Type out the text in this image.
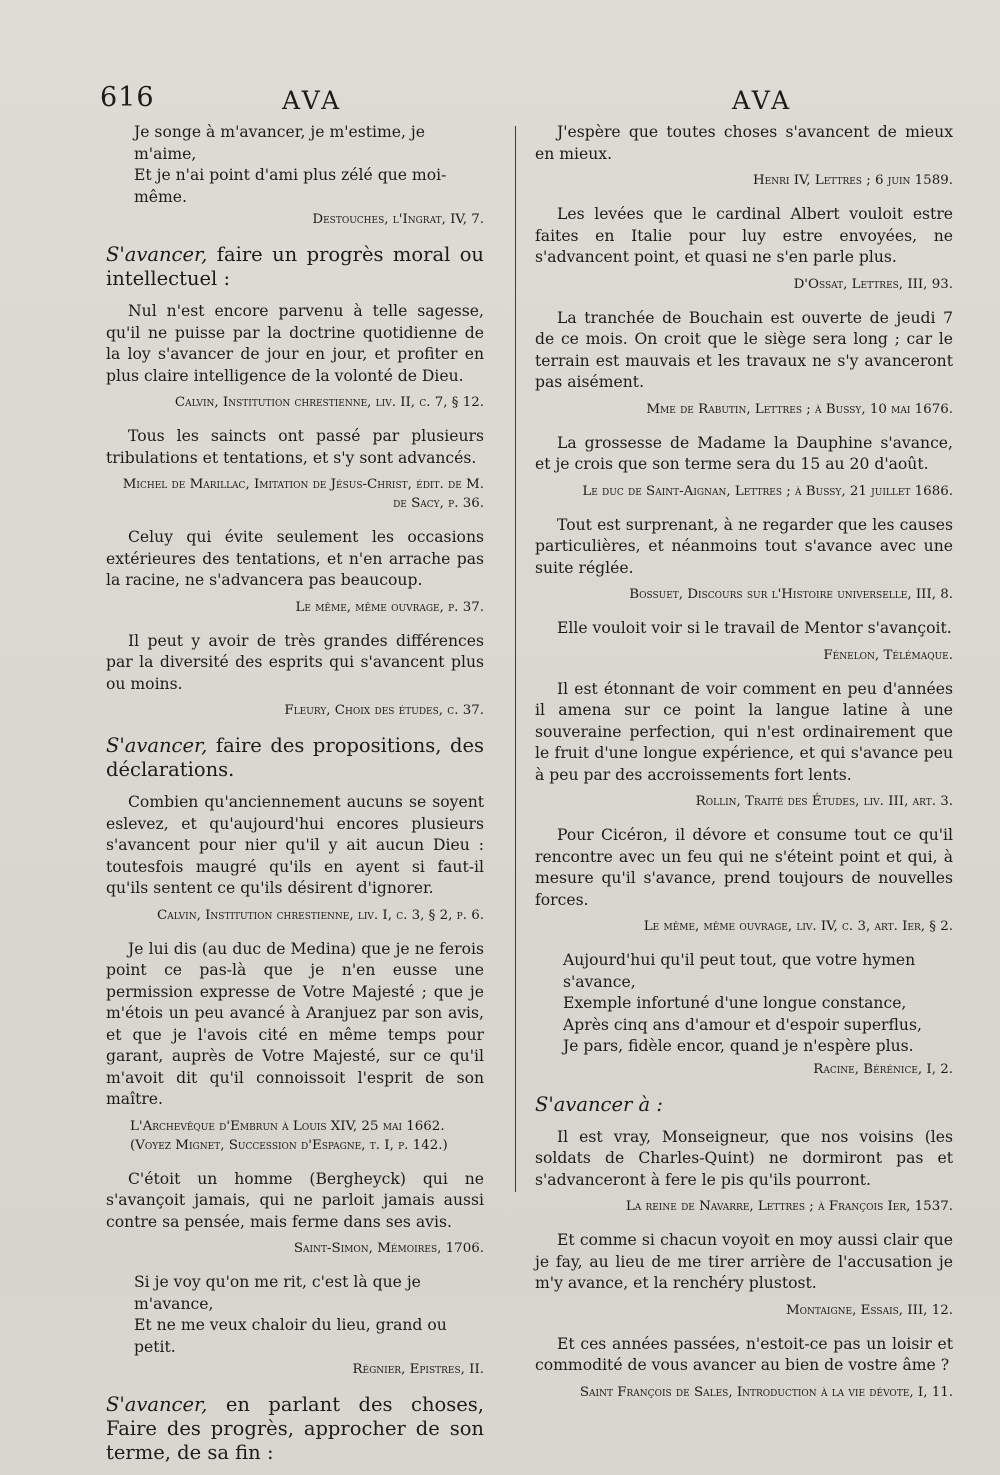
616	AVA	AVA
Je songe à m'avancer, je m'estime, je m'aime,
Et je n'ai point d'ami plus zélé que moi-même.
Destouches, l'Ingrat, IV, 7.
S'avancer, faire un progrès moral ou intellectuel :

Nul n'est encore parvenu à telle sagesse, qu'il ne puisse par la doctrine quotidienne de la loy s'avancer de jour en jour, et profiter en plus claire intelligence de la volonté de Dieu.

Calvin, Institution chrestienne, liv. II, c. 7, § 12.

Tous les saincts ont passé par plusieurs tribulations et tentations, et s'y sont advancés.

Michel de Marillac, Imitation de Jésus-Christ, édit. de M. de Sacy, p. 36.

Celuy qui évite seulement les occasions extérieures des tentations, et n'en arrache pas la racine, ne s'advancera pas beaucoup.

Le même, même ouvrage, p. 37.

Il peut y avoir de très grandes différences par la diversité des esprits qui s'avancent plus ou moins.

Fleury, Choix des études, c. 37.
S'avancer, faire des propositions, des déclarations.

Combien qu'anciennement aucuns se soyent eslevez, et qu'aujourd'hui encores plusieurs s'avancent pour nier qu'il y ait aucun Dieu : toutesfois maugré qu'ils en ayent si faut-il qu'ils sentent ce qu'ils désirent d'ignorer.

Calvin, Institution chrestienne, liv. I, c. 3, § 2, p. 6.

Je lui dis (au duc de Medina) que je ne ferois point ce pas-là que je n'en eusse une permission expresse de Votre Majesté ; que je m'étois un peu avancé à Aranjuez par son avis, et que je l'avois cité en même temps pour garant, auprès de Votre Majesté, sur ce qu'il m'avoit dit qu'il connoissoit l'esprit de son maître.

L'Archevêque d'Embrun à Louis XIV, 25 mai 1662. (Voyez Mignet, Succession d'Espagne, t. I, p. 142.)

C'étoit un homme (Bergheyck) qui ne s'avançoit jamais, qui ne parloit jamais aussi contre sa pensée, mais ferme dans ses avis.

Saint-Simon, Mémoires, 1706.
Si je voy qu'on me rit, c'est là que je m'avance,
Et ne me veux chaloir du lieu, grand ou petit.
Régnier, Epistres, II.
S'avancer, en parlant des choses, Faire des progrès, approcher de son terme, de sa fin :

J'espère que toutes choses s'avancent de mieux en mieux.

Henri IV, Lettres ; 6 juin 1589.

Les levées que le cardinal Albert vouloit estre faites en Italie pour luy estre envoyées, ne s'advancent point, et quasi ne s'en parle plus.

D'Ossat, Lettres, III, 93.

La tranchée de Bouchain est ouverte de jeudi 7 de ce mois. On croit que le siège sera long ; car le terrain est mauvais et les travaux ne s'y avanceront pas aisément.

Mme de Rabutin, Lettres ; à Bussy, 10 mai 1676.

La grossesse de Madame la Dauphine s'avance, et je crois que son terme sera du 15 au 20 d'août.

Le duc de Saint-Aignan, Lettres ; à Bussy, 21 juillet 1686.

Tout est surprenant, à ne regarder que les causes particulières, et néanmoins tout s'avance avec une suite réglée.

Bossuet, Discours sur l'Histoire universelle, III, 8.

Elle vouloit voir si le travail de Mentor s'avançoit.

Fénelon, Télémaque.

Il est étonnant de voir comment en peu d'années il amena sur ce point la langue latine à une souveraine perfection, qui n'est ordinairement que le fruit d'une longue expérience, et qui s'avance peu à peu par des accroissements fort lents.

Rollin, Traité des Études, liv. III, art. 3.

Pour Cicéron, il dévore et consume tout ce qu'il rencontre avec un feu qui ne s'éteint point et qui, à mesure qu'il s'avance, prend toujours de nouvelles forces.

Le même, même ouvrage, liv. IV, c. 3, art. Ier, § 2.
Aujourd'hui qu'il peut tout, que votre hymen s'avance,
Exemple infortuné d'une longue constance,
Après cinq ans d'amour et d'espoir superflus,
Je pars, fidèle encor, quand je n'espère plus.
Racine, Bérénice, I, 2.
S'avancer à :

Il est vray, Monseigneur, que nos voisins (les soldats de Charles-Quint) ne dormiront pas et s'advanceront à fere le pis qu'ils pourront.

La reine de Navarre, Lettres ; à François Ier, 1537.

Et comme si chacun voyoit en moy aussi clair que je fay, au lieu de me tirer arrière de l'accusation je m'y avance, et la renchéry plustost.

Montaigne, Essais, III, 12.

Et ces années passées, n'estoit-ce pas un loisir et commodité de vous avancer au bien de vostre âme ?

Saint François de Sales, Introduction à la vie dévote, I, 11.
